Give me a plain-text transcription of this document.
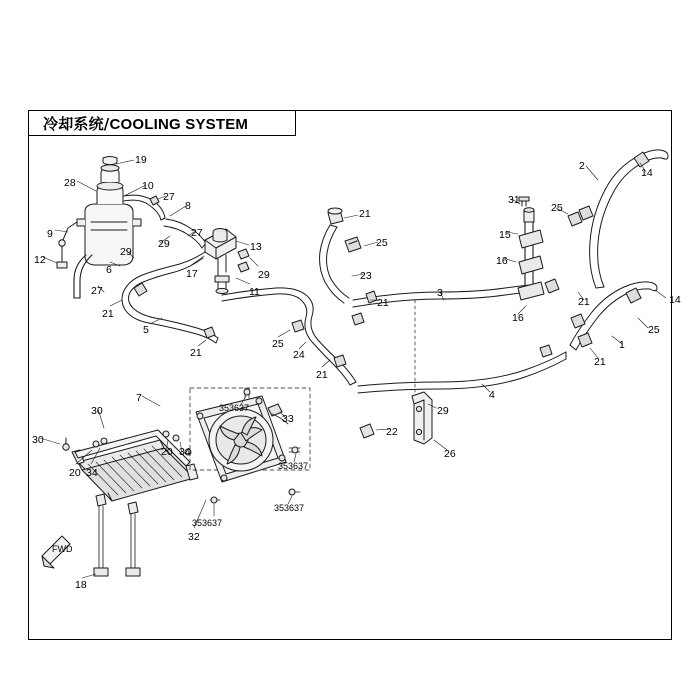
冷却系统/COOLING SYSTEM
19
28	10
27
8
9
29
27
13
29
12
6	17	29
11
27
21
5
21
25
24
21
21
25
23
21
3
31
15
16
16
25
2
14
21	14
25
1
21
4
29
26
22
7
30
30
20 34
20 34
353637
33
353637
353637
353637
32
18
FWD
